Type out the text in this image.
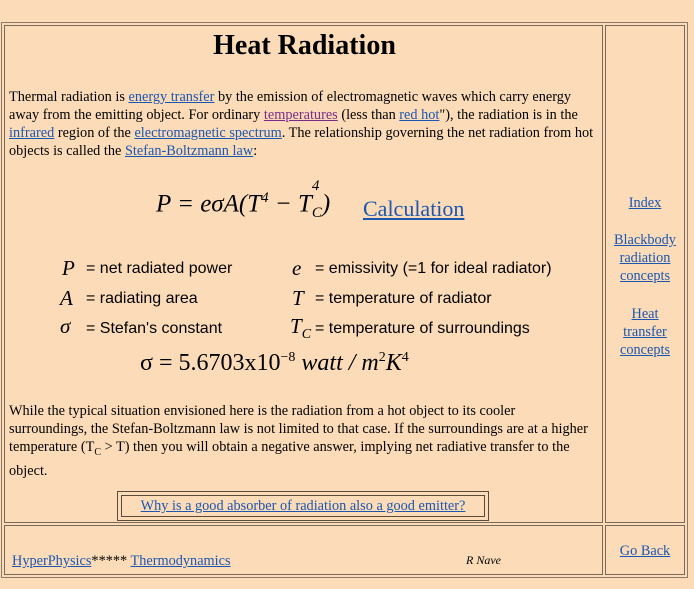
Heat Radiation
Thermal radiation is energy transfer by the emission of electromagnetic waves which carry energy away from the emitting object. For ordinary temperatures (less than red hot"), the radiation is in the infrared region of the electromagnetic spectrum. The relationship governing the net radiation from hot objects is called the Stefan-Boltzmann law:
$P = e\sigma A(T^4 - T$
4
$_C$) Calculation
P = net radiated power	e = emissivity (=1 for ideal radiator)
A = radiating area	T = temperature of radiator
σ = Stefan's constant	$T_C$ = temperature of surroundings
$\sigma = 5.6703x10^{-8}$ watt / $m^2K^4$
While the typical situation envisioned here is the radiation from a hot object to its cooler surroundings, the Stefan-Boltzmann law is not limited to that case. If the surroundings are at a higher temperature $(T_C > T)$ then you will obtain a negative answer, implying net radiative transfer to the object.
Why is a good absorber of radiation also a good emitter?
Index
Blackbody
radiation
concepts
Heat
transfer
concepts
HyperPhysics***** Thermodynamics	R Nave
Go Back
